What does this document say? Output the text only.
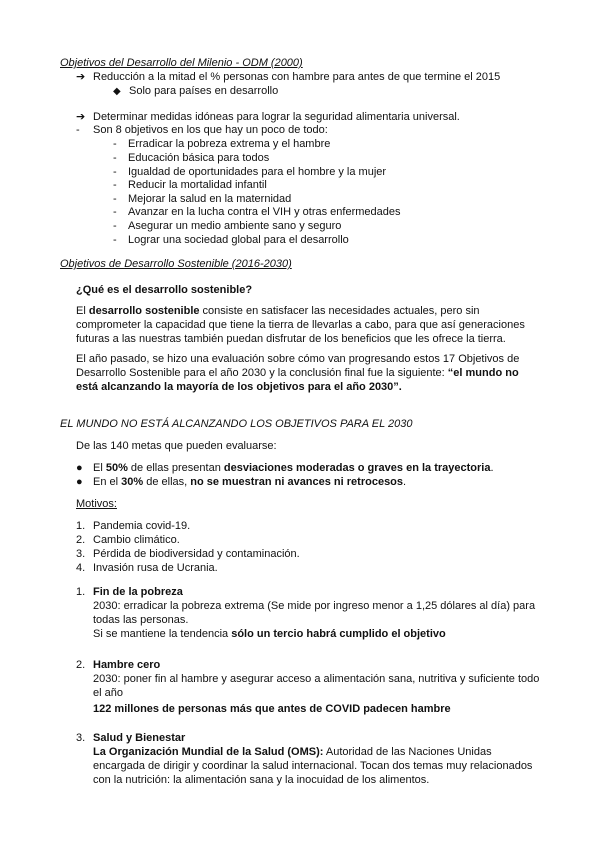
Objetivos del Desarrollo del Milenio - ODM (2000)
➔ Reducción a la mitad el % personas con hambre para antes de que termine el 2015
◆ Solo para países en desarrollo
➔ Determinar medidas idóneas para lograr la seguridad alimentaria universal.
- Son 8 objetivos en los que hay un poco de todo:
- Erradicar la pobreza extrema y el hambre
- Educación básica para todos
- Igualdad de oportunidades para el hombre y la mujer
- Reducir la mortalidad infantil
- Mejorar la salud en la maternidad
- Avanzar en la lucha contra el VIH y otras enfermedades
- Asegurar un medio ambiente sano y seguro
- Lograr una sociedad global para el desarrollo
Objetivos de Desarrollo Sostenible (2016-2030)
¿Qué es el desarrollo sostenible?
El desarrollo sostenible consiste en satisfacer las necesidades actuales, pero sin
comprometer la capacidad que tiene la tierra de llevarlas a cabo, para que así generaciones
futuras a las nuestras también puedan disfrutar de los beneficios que les ofrece la tierra.
El año pasado, se hizo una evaluación sobre cómo van progresando estos 17 Objetivos de
Desarrollo Sostenible para el año 2030 y la conclusión final fue la siguiente: “el mundo no
está alcanzando la mayoría de los objetivos para el año 2030”.
EL MUNDO NO ESTÁ ALCANZANDO LOS OBJETIVOS PARA EL 2030
De las 140 metas que pueden evaluarse:
● El 50% de ellas presentan desviaciones moderadas o graves en la trayectoria.
● En el 30% de ellas, no se muestran ni avances ni retrocesos.
Motivos:
1. Pandemia covid-19.
2. Cambio climático.
3. Pérdida de biodiversidad y contaminación.
4. Invasión rusa de Ucrania.
1. Fin de la pobreza
2030: erradicar la pobreza extrema (Se mide por ingreso menor a 1,25 dólares al día) para
todas las personas.
Si se mantiene la tendencia sólo un tercio habrá cumplido el objetivo
2. Hambre cero
2030: poner fin al hambre y asegurar acceso a alimentación sana, nutritiva y suficiente todo
el año
122 millones de personas más que antes de COVID padecen hambre
3. Salud y Bienestar
La Organización Mundial de la Salud (OMS): Autoridad de las Naciones Unidas
encargada de dirigir y coordinar la salud internacional. Tocan dos temas muy relacionados
con la nutrición: la alimentación sana y la inocuidad de los alimentos.
